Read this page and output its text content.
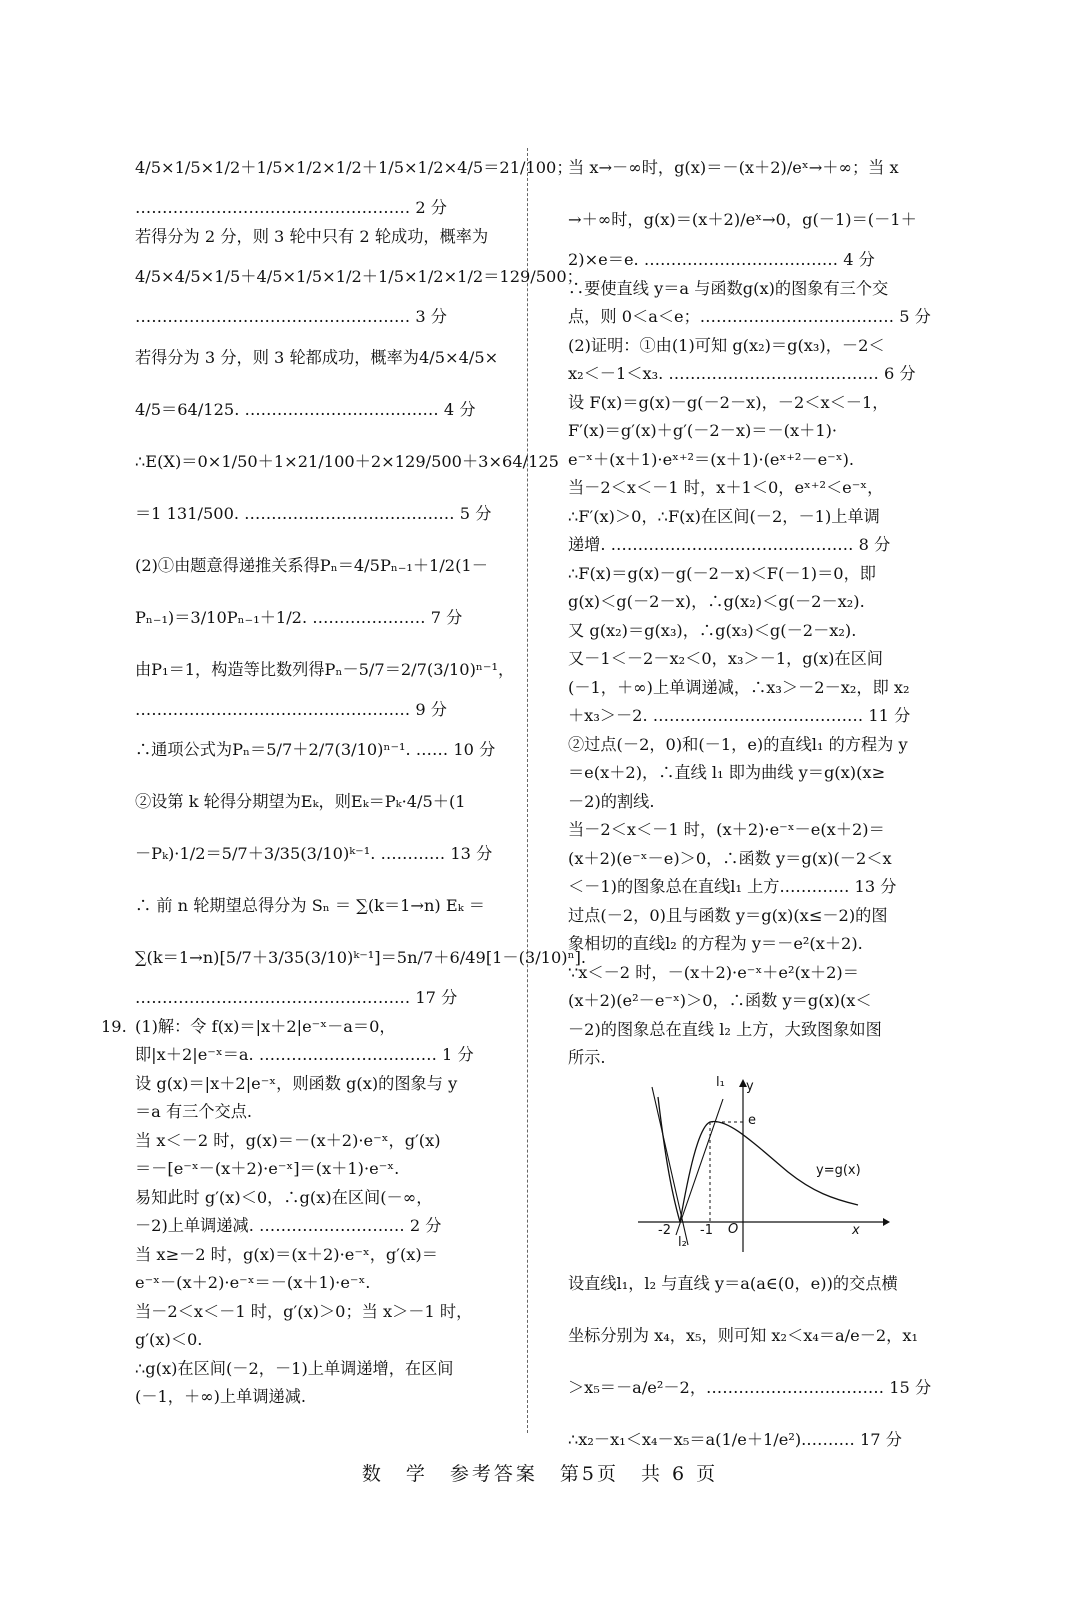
4/5×1/5×1/2＋1/5×1/2×1/2＋1/5×1/2×4/5＝21/100；
…………………………………………… 2 分
若得分为 2 分，则 3 轮中只有 2 轮成功，概率为
4/5×4/5×1/5＋4/5×1/5×1/2＋1/5×1/2×1/2＝129/500；
…………………………………………… 3 分
若得分为 3 分，则 3 轮都成功，概率为4/5×4/5×
4/5＝64/125. ……………………………… 4 分
∴E(X)＝0×1/50＋1×21/100＋2×129/500＋3×64/125
＝1 131/500. ………………………………… 5 分
(2)①由题意得递推关系得Pₙ＝4/5Pₙ₋₁＋1/2(1－
Pₙ₋₁)＝3/10Pₙ₋₁＋1/2. ………………… 7 分
由P₁＝1，构造等比数列得Pₙ－5/7＝2/7(3/10)ⁿ⁻¹，
…………………………………………… 9 分
∴通项公式为Pₙ＝5/7＋2/7(3/10)ⁿ⁻¹. …… 10 分
②设第 k 轮得分期望为Eₖ，则Eₖ＝Pₖ·4/5＋(1
－Pₖ)·1/2＝5/7＋3/35(3/10)ᵏ⁻¹. ………… 13 分
∴ 前 n 轮期望总得分为 Sₙ ＝ ∑(k＝1→n) Eₖ ＝
∑(k＝1→n)[5/7＋3/35(3/10)ᵏ⁻¹]＝5n/7＋6/49[1－(3/10)ⁿ].
…………………………………………… 17 分
(1)解：令 f(x)＝|x＋2|e⁻ˣ－a＝0，
19.
即|x＋2|e⁻ˣ＝a. …………………………… 1 分
设 g(x)＝|x＋2|e⁻ˣ，则函数 g(x)的图象与 y
＝a 有三个交点.
当 x＜－2 时，g(x)＝－(x＋2)·e⁻ˣ，g′(x)
＝－[e⁻ˣ－(x＋2)·e⁻ˣ]＝(x＋1)·e⁻ˣ.
易知此时 g′(x)＜0，∴g(x)在区间(－∞，
－2)上单调递减. ……………………… 2 分
当 x≥－2 时，g(x)＝(x＋2)·e⁻ˣ，g′(x)＝
e⁻ˣ－(x＋2)·e⁻ˣ＝－(x＋1)·e⁻ˣ.
当－2＜x＜－1 时，g′(x)＞0；当 x＞－1 时，
g′(x)＜0.
∴g(x)在区间(－2，－1)上单调递增，在区间
(－1，＋∞)上单调递减.
当 x→－∞时，g(x)＝－(x＋2)/eˣ→＋∞；当 x
→＋∞时，g(x)＝(x＋2)/eˣ→0，g(－1)＝(－1＋
2)×e＝e. ……………………………… 4 分
∴要使直线 y＝a 与函数g(x)的图象有三个交
点，则 0＜a＜e；……………………………… 5 分
(2)证明：①由(1)可知 g(x₂)＝g(x₃)，－2＜
x₂＜－1＜x₃. ………………………………… 6 分
设 F(x)＝g(x)－g(－2－x)，－2＜x＜－1，
F′(x)＝g′(x)＋g′(－2－x)＝－(x＋1)·
e⁻ˣ＋(x＋1)·eˣ⁺²＝(x＋1)·(eˣ⁺²－e⁻ˣ).
当－2＜x＜－1 时，x＋1＜0，eˣ⁺²＜e⁻ˣ，
∴F′(x)＞0，∴F(x)在区间(－2，－1)上单调
递增. ……………………………………… 8 分
∴F(x)＝g(x)－g(－2－x)＜F(－1)＝0，即
g(x)＜g(－2－x)，∴g(x₂)＜g(－2－x₂).
又 g(x₂)＝g(x₃)，∴g(x₃)＜g(－2－x₂).
又－1＜－2－x₂＜0，x₃＞－1，g(x)在区间
(－1，＋∞)上单调递减，∴x₃＞－2－x₂，即 x₂
＋x₃＞－2. ………………………………… 11 分
②过点(－2，0)和(－1，e)的直线l₁ 的方程为 y
＝e(x＋2)，∴直线 l₁ 即为曲线 y＝g(x)(x≥
－2)的割线.
当－2＜x＜－1 时，(x＋2)·e⁻ˣ－e(x＋2)＝
(x＋2)(e⁻ˣ－e)＞0，∴函数 y＝g(x)(－2＜x
＜－1)的图象总在直线l₁ 上方.………… 13 分
过点(－2，0)且与函数 y＝g(x)(x≤－2)的图
象相切的直线l₂ 的方程为 y＝－e²(x＋2).
∵x＜－2 时，－(x＋2)·e⁻ˣ＋e²(x＋2)＝
(x＋2)(e²－e⁻ˣ)＞0，∴函数 y＝g(x)(x＜
－2)的图象总在直线 l₂ 上方，大致图象如图
所示.
l₁ y
e
y=g(x)
-2 -1 O	x
l₂
设直线l₁，l₂ 与直线 y＝a(a∈(0，e))的交点横
坐标分别为 x₄，x₅，则可知 x₂＜x₄＝a/e－2，x₁
＞x₅＝－a/e²－2，…………………………… 15 分
∴x₂－x₁＜x₄－x₅＝a(1/e＋1/e²).……… 17 分
数　学　参考答案　第5页　共 6 页
